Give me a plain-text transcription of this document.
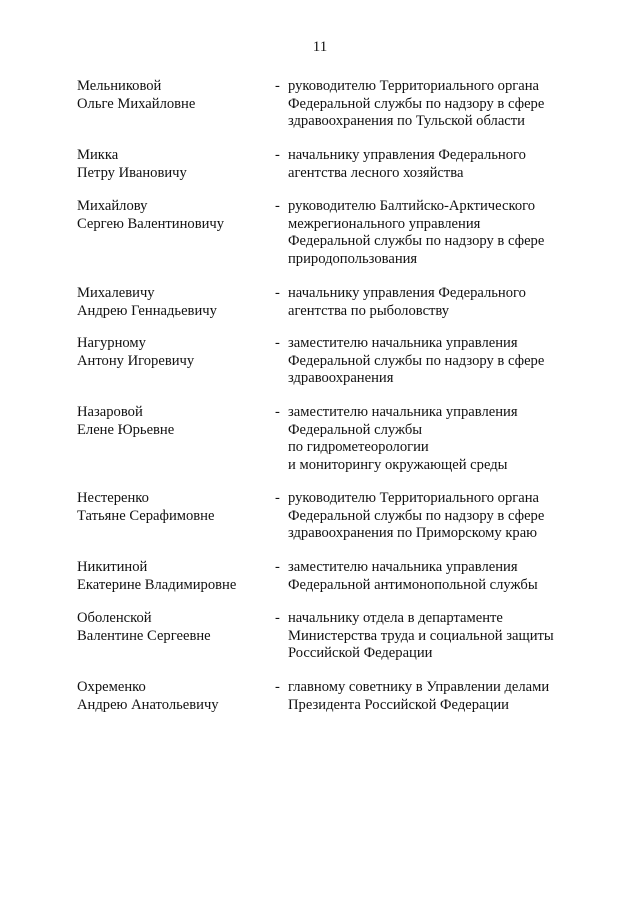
11
Мельниковой
Ольге Михайловне
- руководителю Территориального органа
Федеральной службы по надзору в сфере
здравоохранения по Тульской области
Микка
Петру Ивановичу
- начальнику управления Федерального
агентства лесного хозяйства
Михайлову
Сергею Валентиновичу
- руководителю Балтийско-Арктического
межрегионального управления
Федеральной службы по надзору в сфере
природопользования
Михалевичу
Андрею Геннадьевичу
- начальнику управления Федерального
агентства по рыболовству
Нагурному
Антону Игоревичу
- заместителю начальника управления
Федеральной службы по надзору в сфере
здравоохранения
Назаровой
Елене Юрьевне
- заместителю начальника управления
Федеральной службы
по гидрометеорологии
и мониторингу окружающей среды
Нестеренко
Татьяне Серафимовне
- руководителю Территориального органа
Федеральной службы по надзору в сфере
здравоохранения по Приморскому краю
Никитиной
Екатерине Владимировне
- заместителю начальника управления
Федеральной антимонопольной службы
Оболенской
Валентине Сергеевне
- начальнику отдела в департаменте
Министерства труда и социальной защиты
Российской Федерации
Охременко
Андрею Анатольевичу
- главному советнику в Управлении делами
Президента Российской Федерации
